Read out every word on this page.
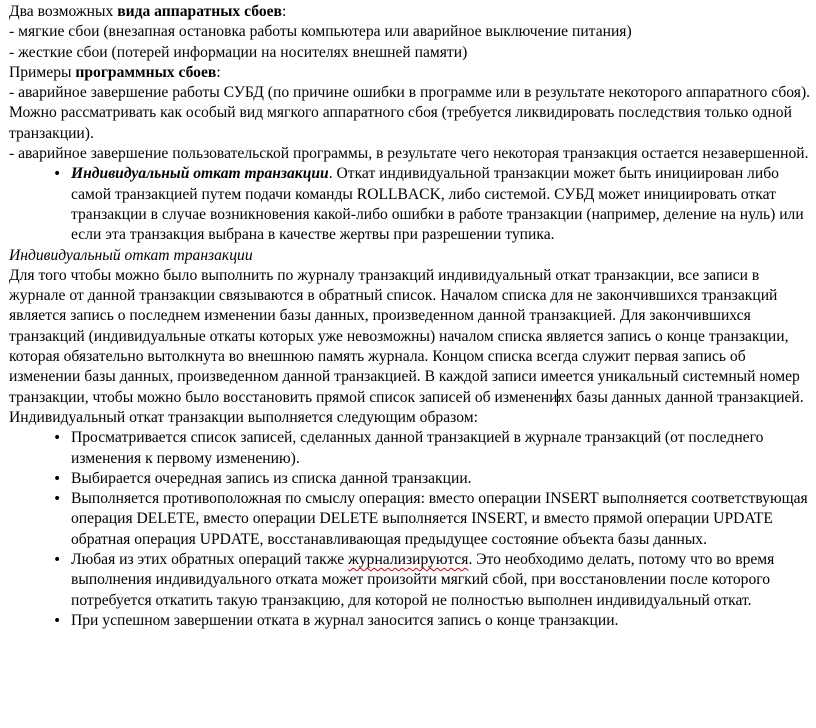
Два возможных вида аппаратных сбоев:

- мягкие сбои (внезапная остановка работы компьютера или аварийное выключение питания)

- жесткие сбои (потерей информации на носителях внешней памяти)

Примеры программных сбоев:

- аварийное завершение работы СУБД (по причине ошибки в программе или в результате некоторого аппаратного сбоя). Можно рассматривать как особый вид мягкого аппаратного сбоя (требуется ликвидировать последствия только одной транзакции).

- аварийное завершение пользовательской программы, в результате чего некоторая транзакция остается незавершенной.

• Индивидуальный откат транзакции. Откат индивидуальной транзакции может быть инициирован либо самой транзакцией путем подачи команды ROLLBACK, либо системой. СУБД может инициировать откат транзакции в случае возникновения какой-либо ошибки в работе транзакции (например, деление на нуль) или если эта транзакция выбрана в качестве жертвы при разрешении тупика.

Индивидуальный откат транзакции

Для того чтобы можно было выполнить по журналу транзакций индивидуальный откат транзакции, все записи в журнале от данной транзакции связываются в обратный список. Началом списка для не закончившихся транзакций является запись о последнем изменении базы данных, произведенном данной транзакцией. Для закончившихся транзакций (индивидуальные откаты которых уже невозможны) началом списка является запись о конце транзакции, которая обязательно вытолкнута во внешнюю память журнала. Концом списка всегда служит первая запись об изменении базы данных, произведенном данной транзакцией. В каждой записи имеется уникальный системный номер транзакции, чтобы можно было восстановить прямой список записей об изменениях базы данных данной транзакцией.

Индивидуальный откат транзакции выполняется следующим образом:

• Просматривается список записей, сделанных данной транзакцией в журнале транзакций (от последнего изменения к первому изменению).
• Выбирается очередная запись из списка данной транзакции.
• Выполняется противоположная по смыслу операция: вместо операции INSERT выполняется соответствующая операция DELETE, вместо операции DELETE выполняется INSERT, и вместо прямой операции UPDATE обратная операция UPDATE, восстанавливающая предыдущее состояние объекта базы данных.
• Любая из этих обратных операций также журнализируются. Это необходимо делать, потому что во время выполнения индивидуального отката может произойти мягкий сбой, при восстановлении после которого потребуется откатить такую транзакцию, для которой не полностью выполнен индивидуальный откат.
• При успешном завершении отката в журнал заносится запись о конце транзакции.
